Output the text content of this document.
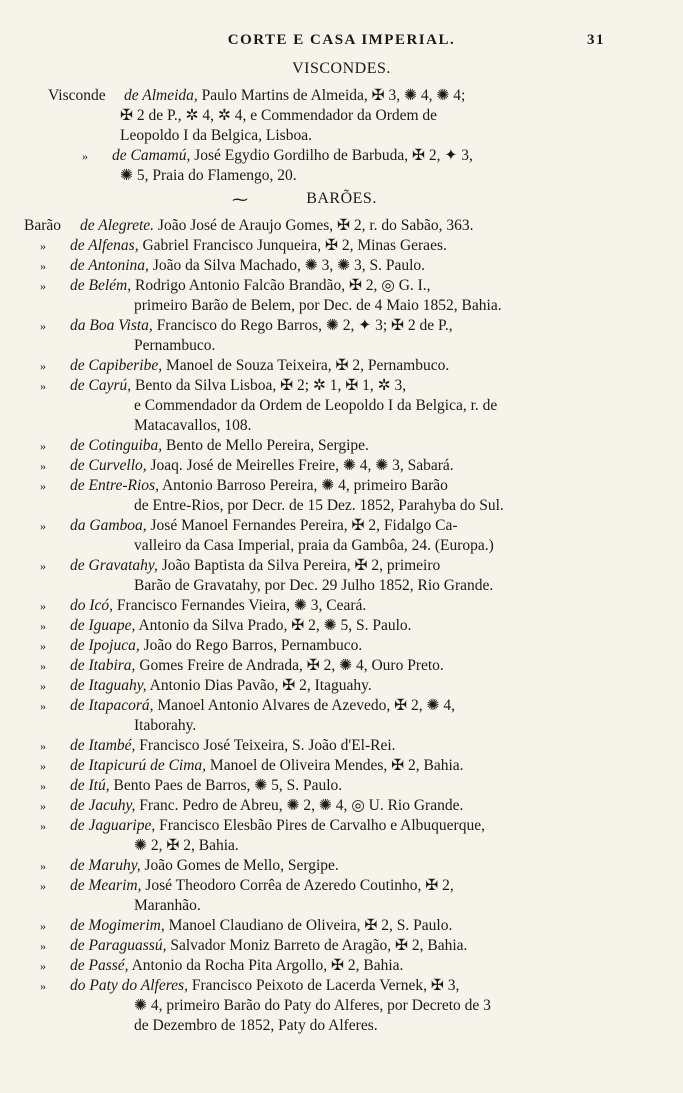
CORTE E CASA IMPERIAL.	31
VISCONDES.
Visconde de Almeida, Paulo Martins de Almeida, ✠ 3, ✺ 4, ✺ 4;
✠ 2 de P., ✲ 4, ✲ 4, e Commendador da Ordem de
Leopoldo I da Belgica, Lisboa.
» de Camamú, José Egydio Gordilho de Barbuda, ✠ 2, ✦ 3,
✺ 5, Praia do Flamengo, 20.
⁓	BARÕES.
Barão de Alegrete. João José de Araujo Gomes, ✠ 2, r. do Sabão, 363.
» de Alfenas, Gabriel Francisco Junqueira, ✠ 2, Minas Geraes.
» de Antonina, João da Silva Machado, ✺ 3, ✺ 3, S. Paulo.
» de Belém, Rodrigo Antonio Falcão Brandão, ✠ 2, ◎ G. I.,
primeiro Barão de Belem, por Dec. de 4 Maio 1852, Bahia.
» da Boa Vista, Francisco do Rego Barros, ✺ 2, ✦ 3; ✠ 2 de P.,
Pernambuco.
» de Capiberibe, Manoel de Souza Teixeira, ✠ 2, Pernambuco.
» de Cayrú, Bento da Silva Lisboa, ✠ 2; ✲ 1, ✠ 1, ✲ 3,
e Commendador da Ordem de Leopoldo I da Belgica, r. de
Matacavallos, 108.
» de Cotinguiba, Bento de Mello Pereira, Sergipe.
» de Curvello, Joaq. José de Meirelles Freire, ✺ 4, ✺ 3, Sabará.
» de Entre-Rios, Antonio Barroso Pereira, ✺ 4, primeiro Barão
de Entre-Rios, por Decr. de 15 Dez. 1852, Parahyba do Sul.
» da Gamboa, José Manoel Fernandes Pereira, ✠ 2, Fidalgo Ca-
valleiro da Casa Imperial, praia da Gambôa, 24. (Europa.)
» de Gravatahy, João Baptista da Silva Pereira, ✠ 2, primeiro
Barão de Gravatahy, por Dec. 29 Julho 1852, Rio Grande.
» do Icó, Francisco Fernandes Vieira, ✺ 3, Ceará.
» de Iguape, Antonio da Silva Prado, ✠ 2, ✺ 5, S. Paulo.
» de Ipojuca, João do Rego Barros, Pernambuco.
» de Itabira, Gomes Freire de Andrada, ✠ 2, ✺ 4, Ouro Preto.
» de Itaguahy, Antonio Dias Pavão, ✠ 2, Itaguahy.
» de Itapacorá, Manoel Antonio Alvares de Azevedo, ✠ 2, ✺ 4,
Itaborahy.
» de Itambé, Francisco José Teixeira, S. João d'El-Rei.
» de Itapicurú de Cima, Manoel de Oliveira Mendes, ✠ 2, Bahia.
» de Itú, Bento Paes de Barros, ✺ 5, S. Paulo.
» de Jacuhy, Franc. Pedro de Abreu, ✺ 2, ✺ 4, ◎ U. Rio Grande.
» de Jaguaripe, Francisco Elesbão Pires de Carvalho e Albuquerque,
✺ 2, ✠ 2, Bahia.
» de Maruhy, João Gomes de Mello, Sergipe.
» de Mearim, José Theodoro Corrêa de Azeredo Coutinho, ✠ 2,
Maranhão.
» de Mogimerim, Manoel Claudiano de Oliveira, ✠ 2, S. Paulo.
» de Paraguassú, Salvador Moniz Barreto de Aragão, ✠ 2, Bahia.
» de Passé, Antonio da Rocha Pita Argollo, ✠ 2, Bahia.
» do Paty do Alferes, Francisco Peixoto de Lacerda Vernek, ✠ 3,
✺ 4, primeiro Barão do Paty do Alferes, por Decreto de 3
de Dezembro de 1852, Paty do Alferes.
